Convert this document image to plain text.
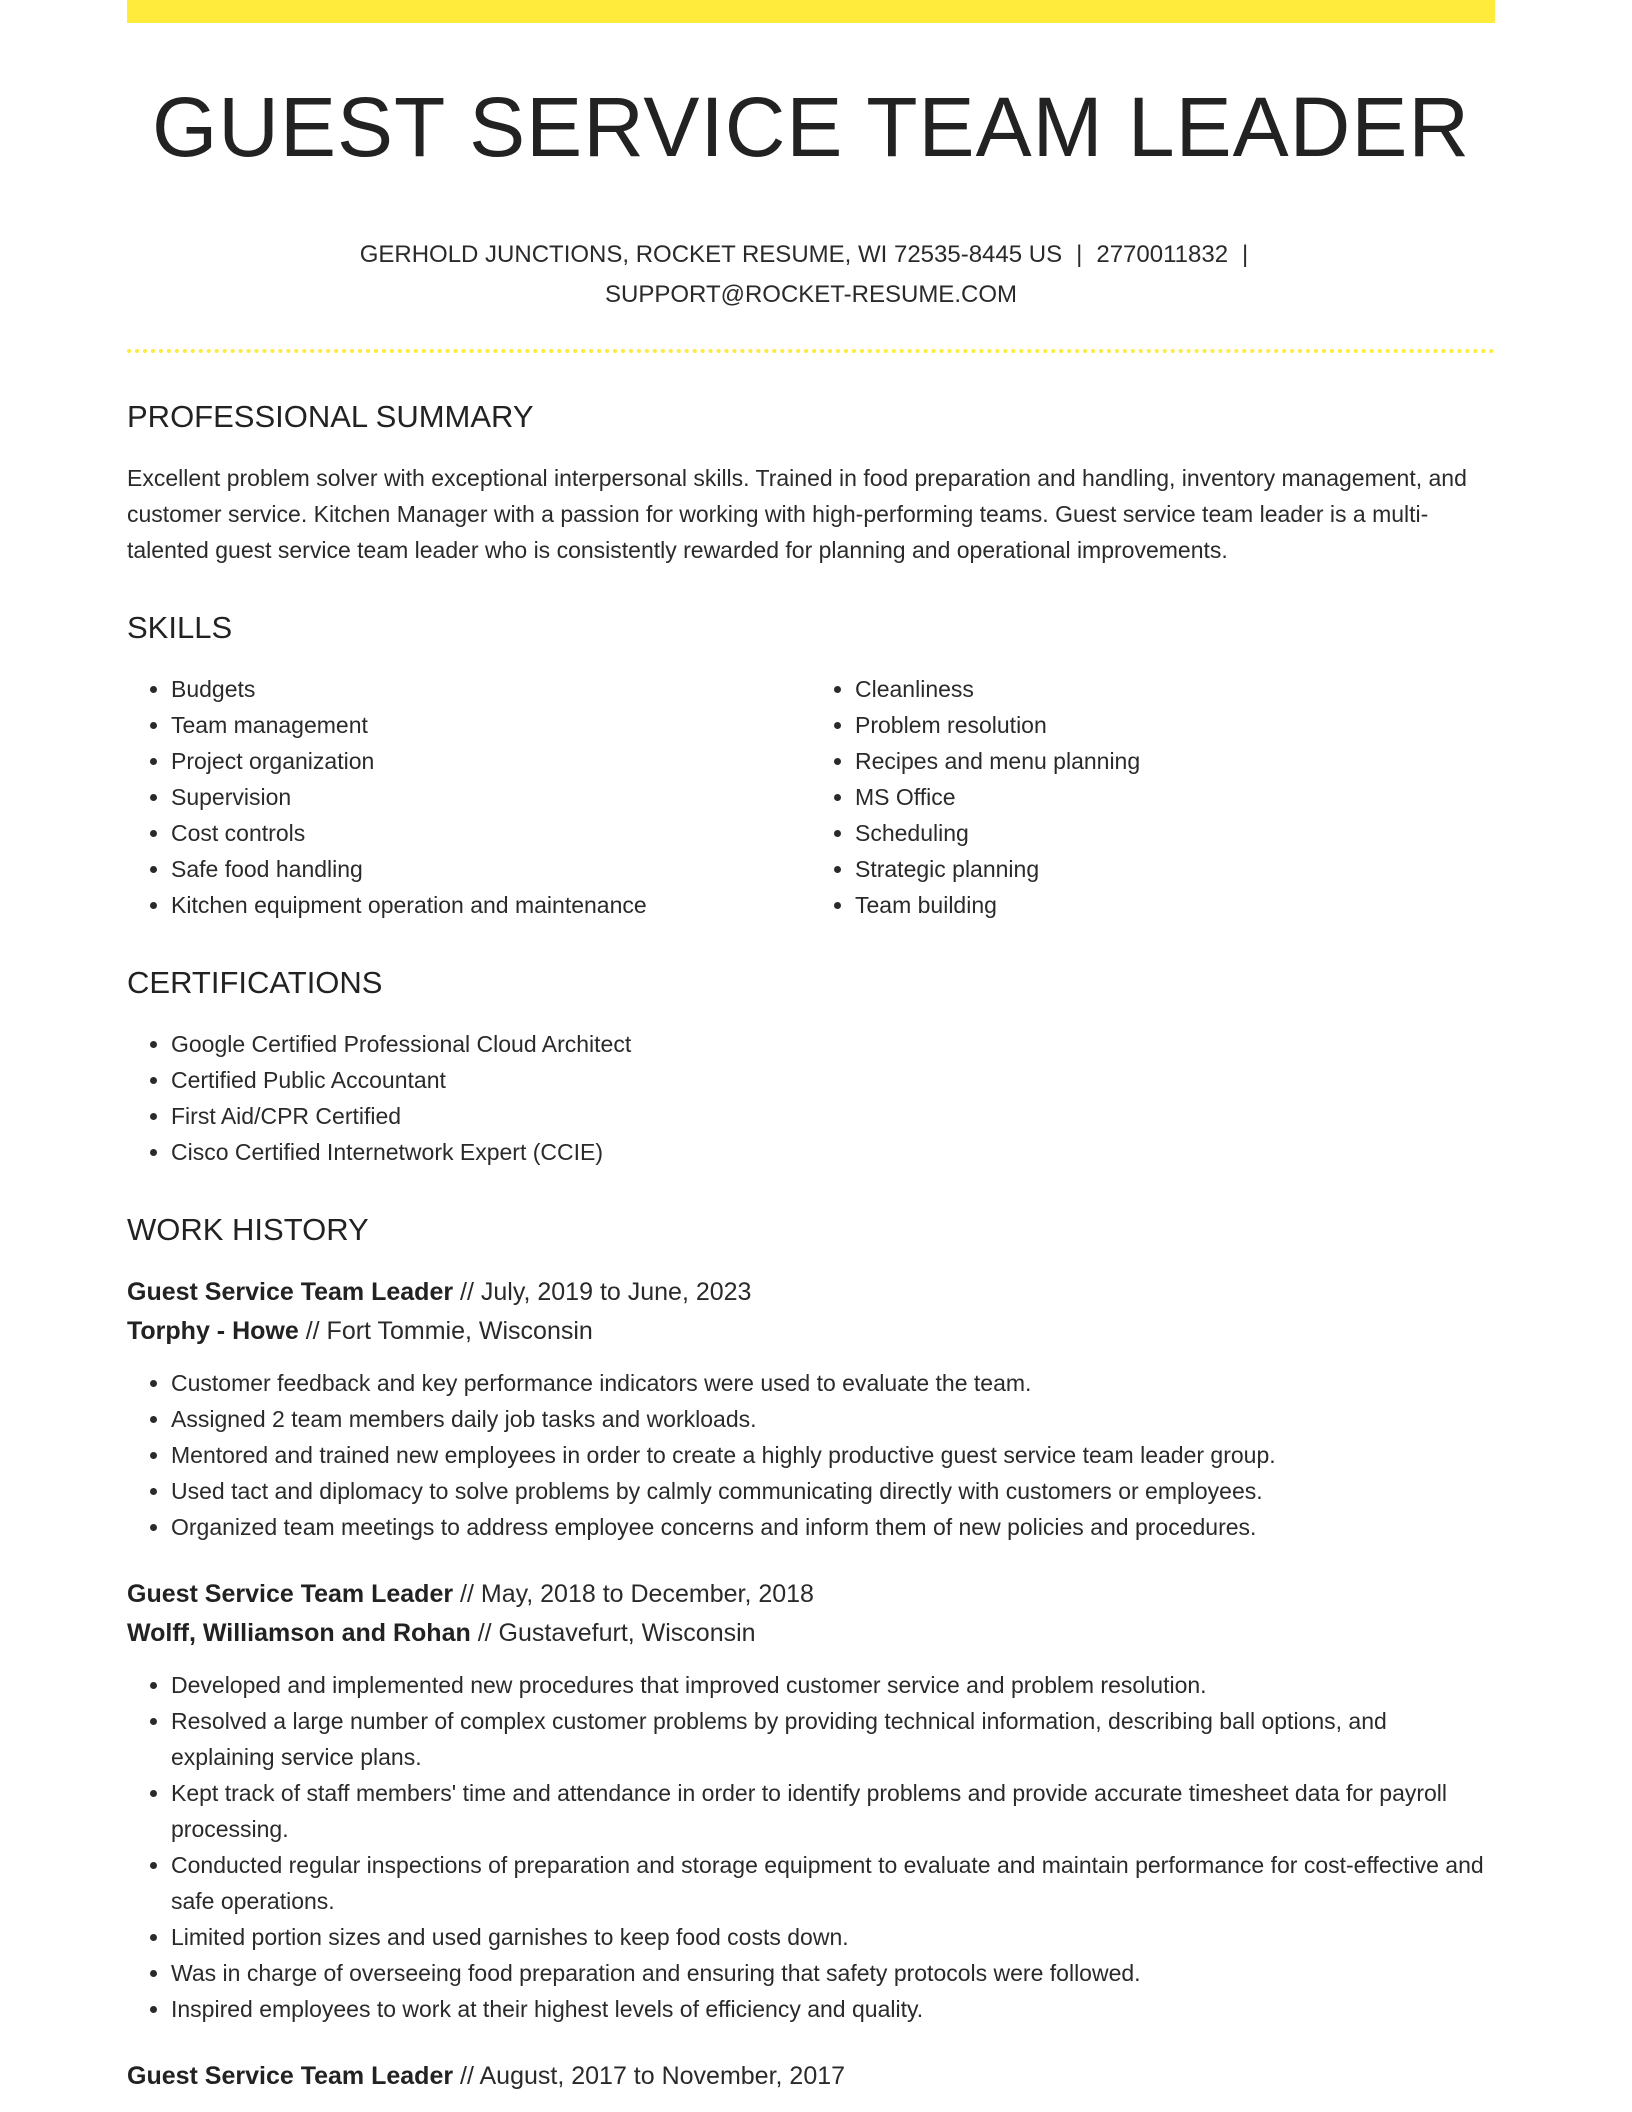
GUEST SERVICE TEAM LEADER
GERHOLD JUNCTIONS, ROCKET RESUME, WI 72535-8445 US | 2770011832 |
SUPPORT@ROCKET-RESUME.COM
PROFESSIONAL SUMMARY

Excellent problem solver with exceptional interpersonal skills. Trained in food preparation and handling, inventory management, and customer service. Kitchen Manager with a passion for working with high-performing teams. Guest service team leader is a multi-talented guest service team leader who is consistently rewarded for planning and operational improvements.

SKILLS
• Budgets
• Team management
• Project organization
• Supervision
• Cost controls
• Safe food handling
• Kitchen equipment operation and maintenance
• Cleanliness
• Problem resolution
• Recipes and menu planning
• MS Office
• Scheduling
• Strategic planning
• Team building
CERTIFICATIONS
• Google Certified Professional Cloud Architect
• Certified Public Accountant
• First Aid/CPR Certified
• Cisco Certified Internetwork Expert (CCIE)
WORK HISTORY
Guest Service Team Leader // July, 2019 to June, 2023
Torphy - Howe // Fort Tommie, Wisconsin
• Customer feedback and key performance indicators were used to evaluate the team.
• Assigned 2 team members daily job tasks and workloads.
• Mentored and trained new employees in order to create a highly productive guest service team leader group.
• Used tact and diplomacy to solve problems by calmly communicating directly with customers or employees.
• Organized team meetings to address employee concerns and inform them of new policies and procedures.
Guest Service Team Leader // May, 2018 to December, 2018
Wolff, Williamson and Rohan // Gustavefurt, Wisconsin
• Developed and implemented new procedures that improved customer service and problem resolution.
• Resolved a large number of complex customer problems by providing technical information, describing ball options, and explaining service plans.
• Kept track of staff members' time and attendance in order to identify problems and provide accurate timesheet data for payroll processing.
• Conducted regular inspections of preparation and storage equipment to evaluate and maintain performance for cost-effective and safe operations.
• Limited portion sizes and used garnishes to keep food costs down.
• Was in charge of overseeing food preparation and ensuring that safety protocols were followed.
• Inspired employees to work at their highest levels of efficiency and quality.
Guest Service Team Leader // August, 2017 to November, 2017
